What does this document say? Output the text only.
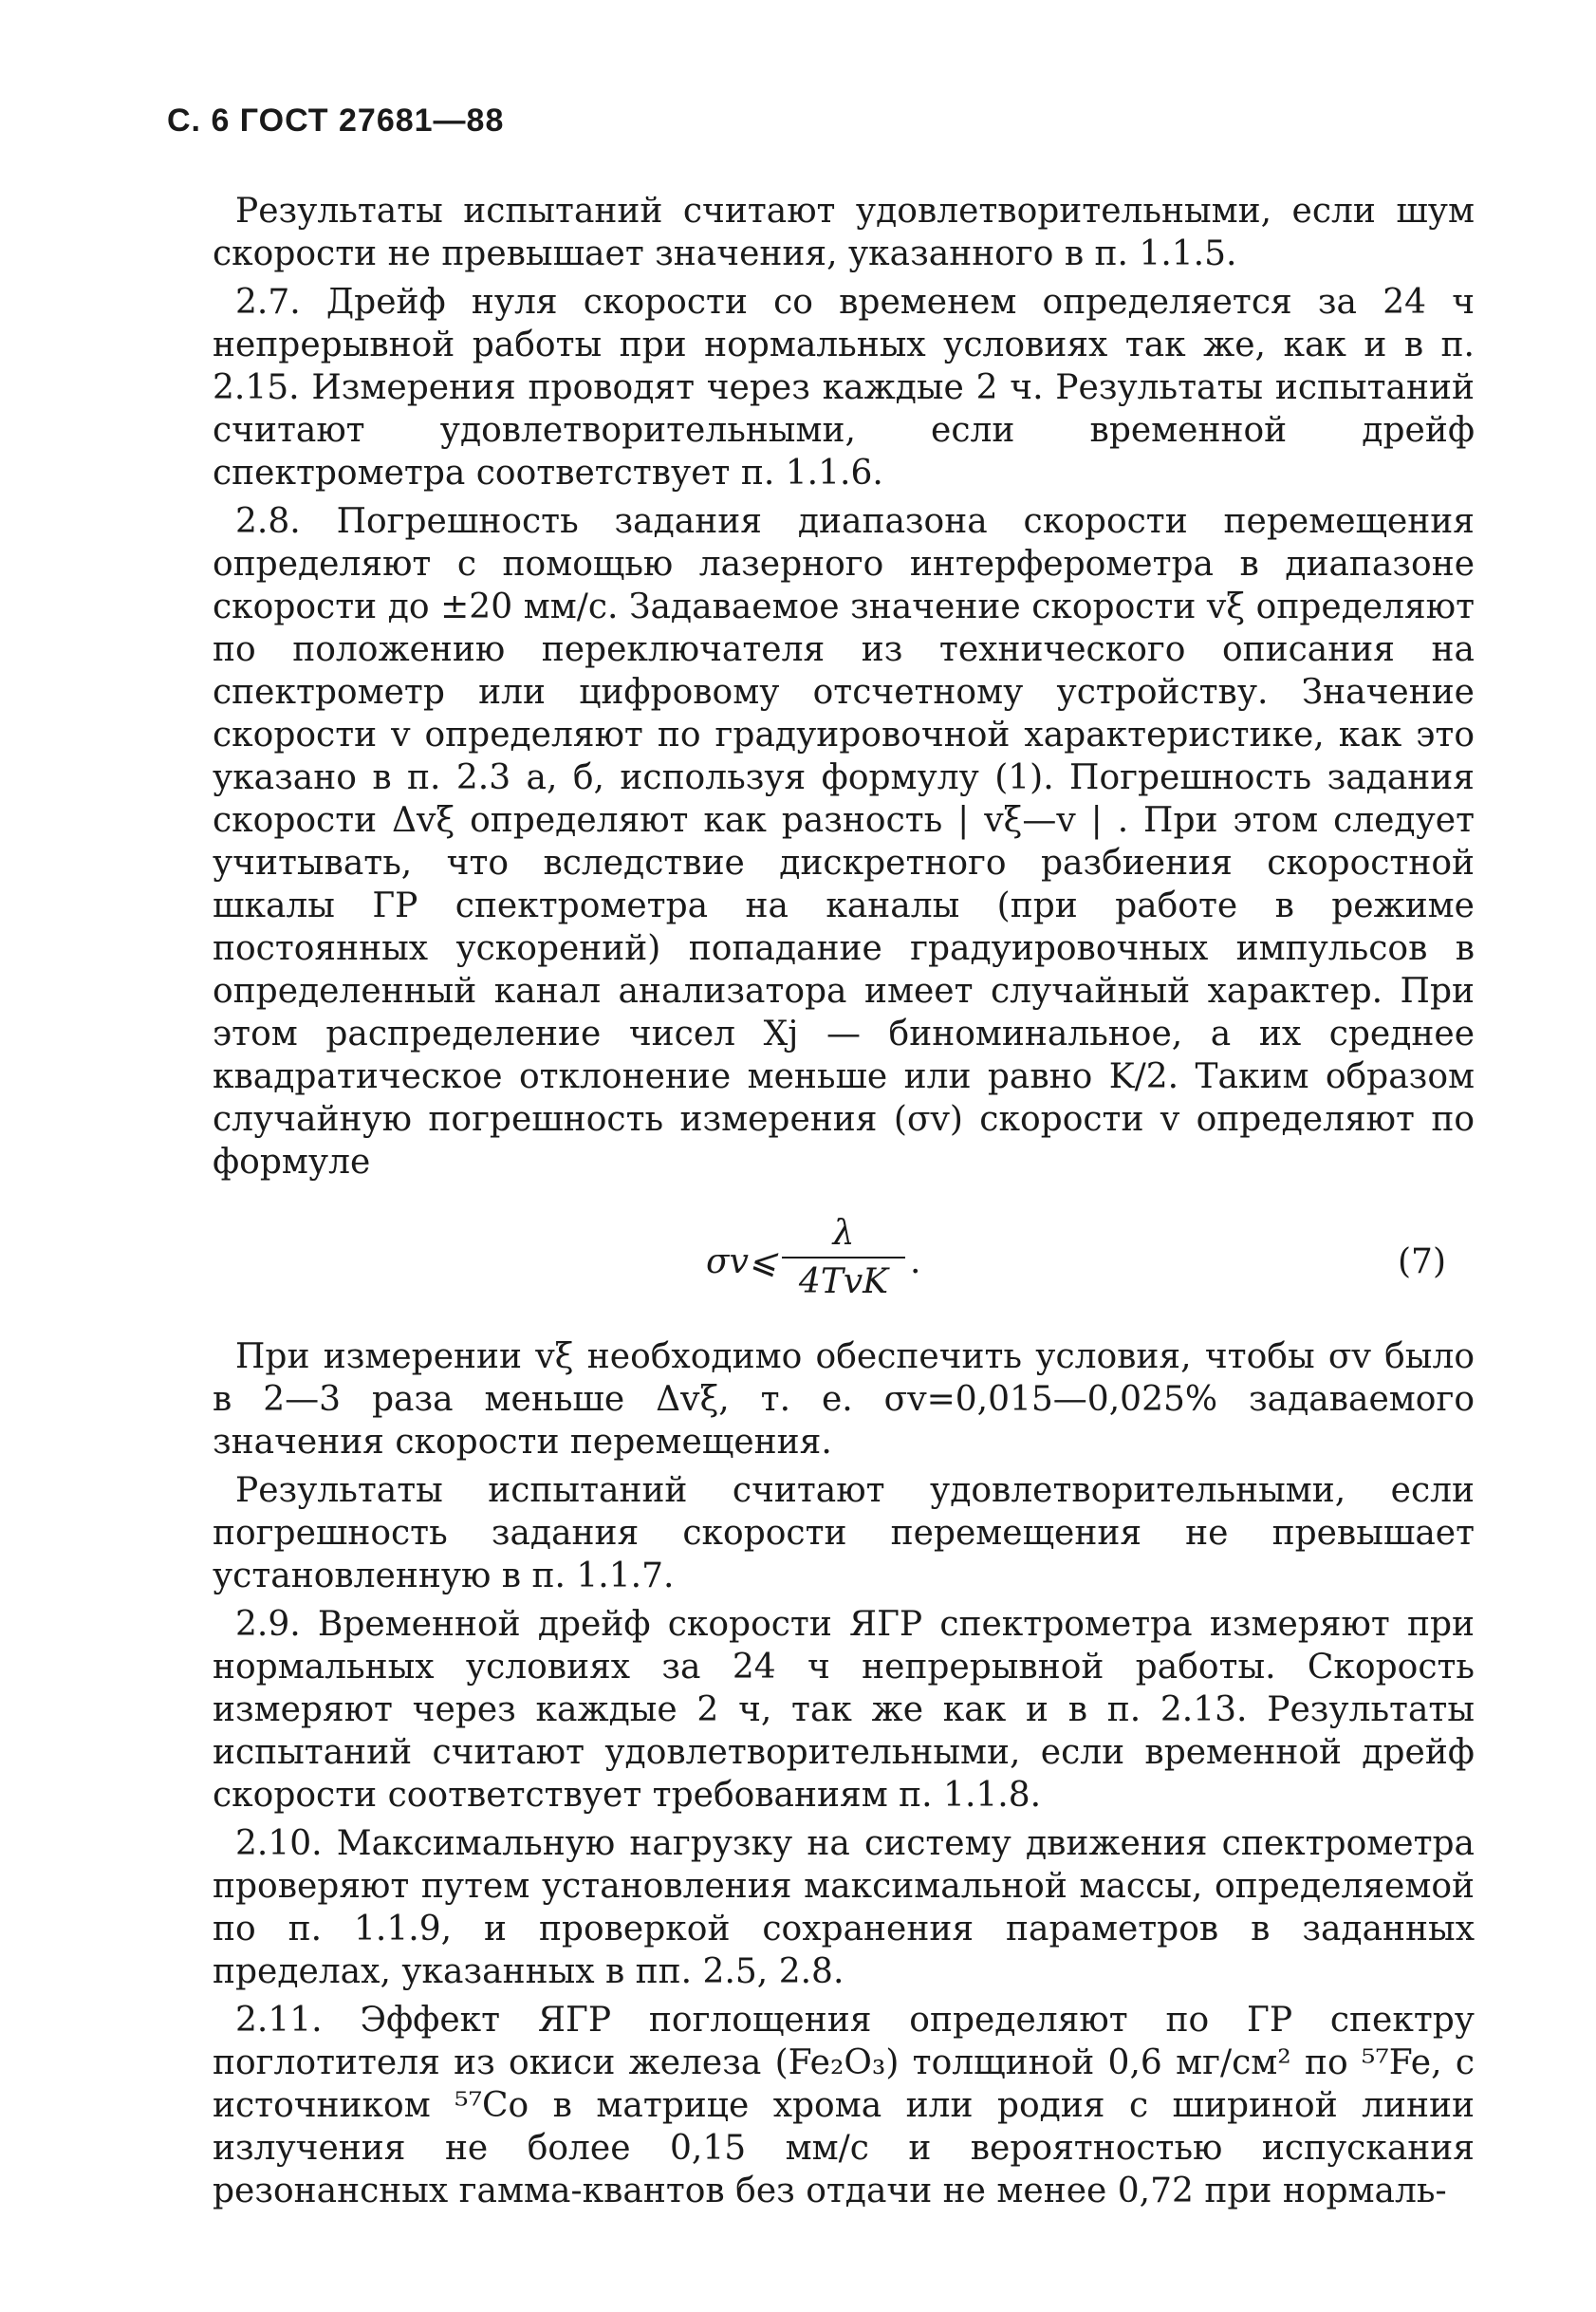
С. 6 ГОСТ 27681—88

Результаты испытаний считают удовлетворительными, если шум скорости не превышает значения, указанного в п. 1.1.5.

2.7. Дрейф нуля скорости со временем определяется за 24 ч непрерывной работы при нормальных условиях так же, как и в п. 2.15. Измерения проводят через каждые 2 ч. Результаты испытаний считают удовлетворительными, если временной дрейф спектрометра соответствует п. 1.1.6.

2.8. Погрешность задания диапазона скорости перемещения определяют с помощью лазерного интерферометра в диапазоне скорости до ±20 мм/с. Задаваемое значение скорости vξ определяют по положению переключателя из технического описания на спектрометр или цифровому отсчетному устройству. Значение скорости v определяют по градуировочной характеристике, как это указано в п. 2.3 а, б, используя формулу (1). Погрешность задания скорости Δvξ определяют как разность | vξ—v | . При этом следует учитывать, что вследствие дискретного разбиения скоростной шкалы ГР спектрометра на каналы (при работе в режиме постоянных ускорений) попадание градуировочных импульсов в определенный канал анализатора имеет случайный характер. При этом распределение чисел Xj — биноминальное, а их среднее квадратическое отклонение меньше или равно K/2. Таким образом случайную погрешность измерения (σv) скорости v определяют по формуле

σv⩽
λ
4TvK
.	(7)

При измерении vξ необходимо обеспечить условия, чтобы σv было в 2—3 раза меньше Δvξ, т. е. σv=0,015—0,025% задаваемого значения скорости перемещения.

Результаты испытаний считают удовлетворительными, если погрешность задания скорости перемещения не превышает установленную в п. 1.1.7.

2.9. Временной дрейф скорости ЯГР спектрометра измеряют при нормальных условиях за 24 ч непрерывной работы. Скорость измеряют через каждые 2 ч, так же как и в п. 2.13. Результаты испытаний считают удовлетворительными, если временной дрейф скорости соответствует требованиям п. 1.1.8.

2.10. Максимальную нагрузку на систему движения спектрометра проверяют путем установления максимальной массы, определяемой по п. 1.1.9, и проверкой сохранения параметров в заданных пределах, указанных в пп. 2.5, 2.8.

2.11. Эффект ЯГР поглощения определяют по ГР спектру поглотителя из окиси железа (Fe₂O₃) толщиной 0,6 мг/см² по ⁵⁷Fe, с источником ⁵⁷Co в матрице хрома или родия с шириной линии излучения не более 0,15 мм/с и вероятностью испускания резонансных гамма-квантов без отдачи не менее 0,72 при нормаль-
